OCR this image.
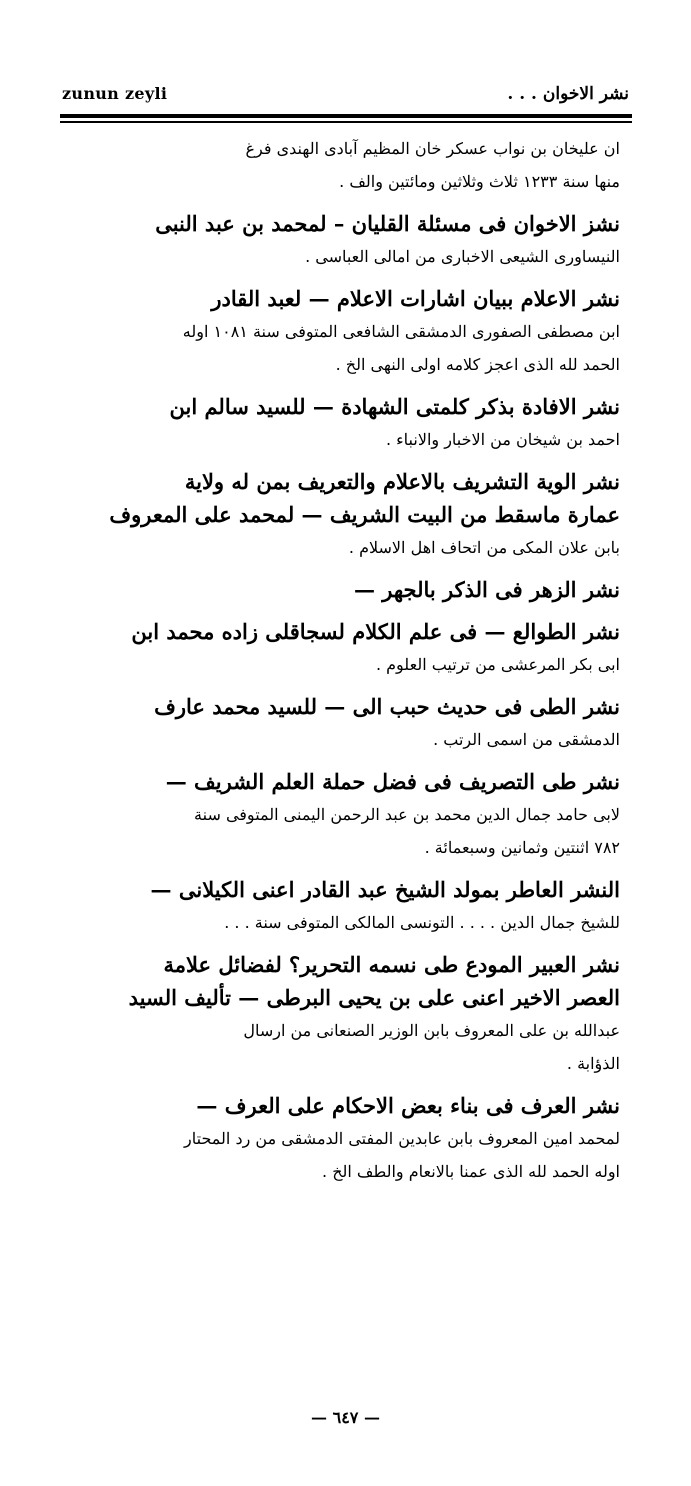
zunun zeyli	نشر الاخوان . . .
ان عليخان بن نواب عسكر خان المظيم آبادى الهندى فرغ
منها سنة ١٢٣٣ ثلاث وثلاثين ومائتين والف .
نشز الاخوان فى مسئلة القليان – لمحمد بن عبد النبى
النيساورى الشيعى الاخبارى من امالى العباسى .
نشر الاعلام ببيان اشارات الاعلام — لعبد القادر
ابن مصطفى الصفورى الدمشقى الشافعى المتوفى سنة ١٠٨١ اوله
الحمد لله الذى اعجز كلامه اولى النهى الخ .
نشر الافادة بذكر كلمتى الشهادة — للسيد سالم ابن
احمد بن شيخان من الاخبار والانباء .
نشر الوية التشريف بالاعلام والتعريف بمن له ولاية
عمارة ماسقط من البيت الشريف — لمحمد على المعروف
بابن علان المكى من اتحاف اهل الاسلام .
نشر الزهر فى الذكر بالجهر —
نشر الطوالع — فى علم الكلام لسجاقلى زاده محمد ابن
ابى بكر المرعشى من ترتيب العلوم .
نشر الطى فى حديث حبب الى — للسيد محمد عارف
الدمشقى من اسمى الرتب .
نشر طى التصريف فى فضل حملة العلم الشريف —
لابى حامد جمال الدين محمد بن عبد الرحمن اليمنى المتوفى سنة
٧٨٢ اثنتين وثمانين وسبعمائة .
النشر العاطر بمولد الشيخ عبد القادر اعنى الكيلانى —
للشيخ جمال الدين . . . . التونسى المالكى المتوفى سنة . . .
نشر العبير المودع طى نسمه التحرير؟ لفضائل علامة
العصر الاخير اعنى على بن يحيى البرطى — تأليف السيد
عبدالله بن على المعروف بابن الوزير الصنعانى من ارسال
الذؤابة .
نشر العرف فى بناء بعض الاحكام على العرف —
لمحمد امين المعروف بابن عابدين المفتى الدمشقى من رد المحتار
اوله الحمد لله الذى عمنا بالانعام والطف الخ .
— ٦٤٧ —
